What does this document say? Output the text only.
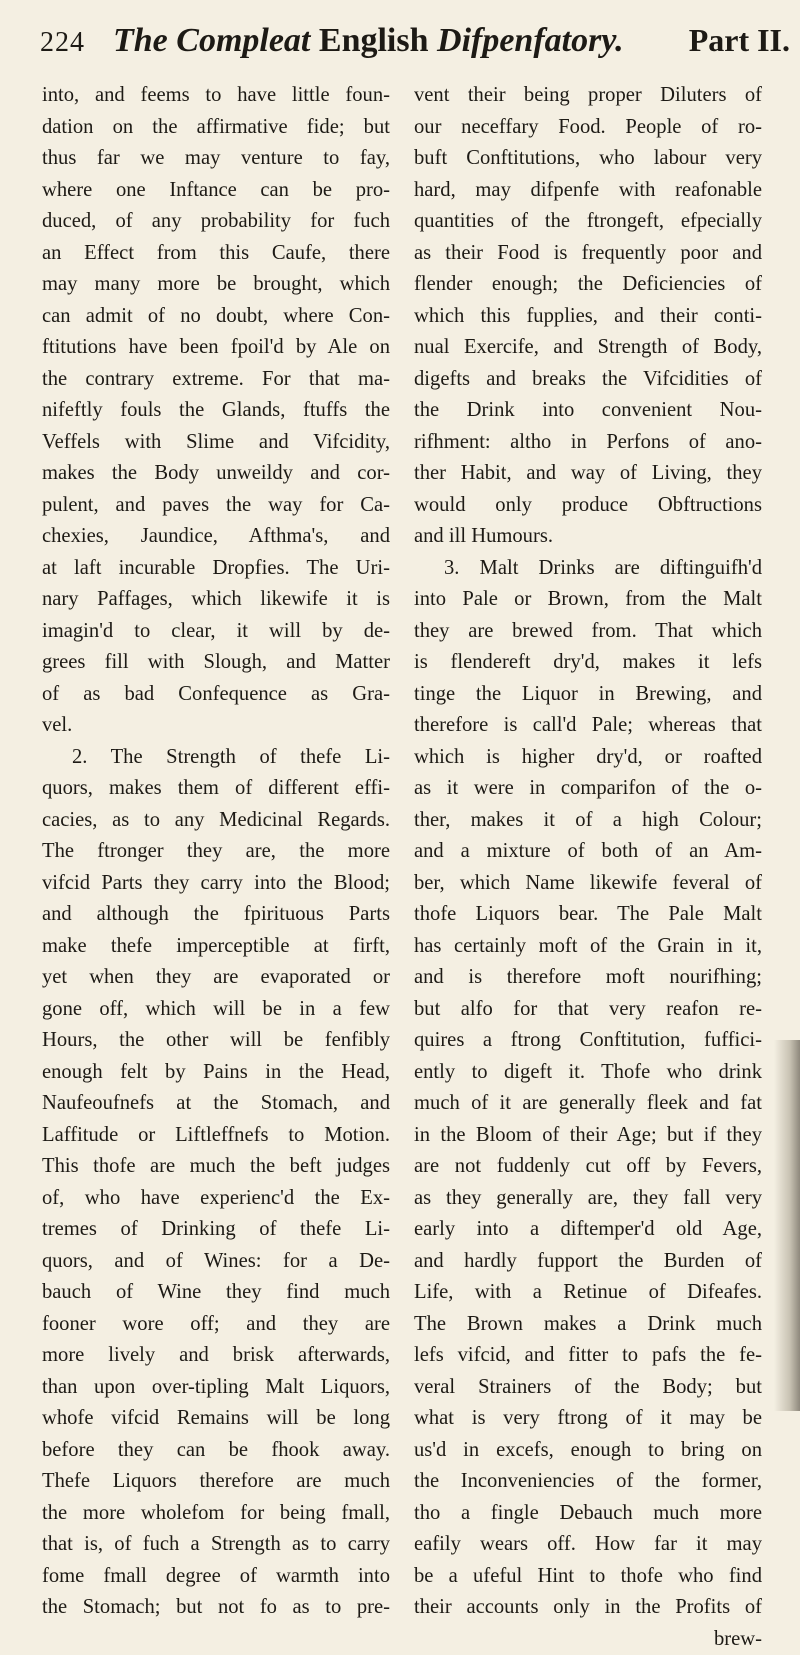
224 The Compleat English Difpenfatory. Part II.

into, and feems to have little foun-

dation on the affirmative fide; but

thus far we may venture to fay,

where one Inftance can be pro-

duced, of any probability for fuch

an Effect from this Caufe, there

may many more be brought, which

can admit of no doubt, where Con-

ftitutions have been fpoil'd by Ale on

the contrary extreme. For that ma-

nifeftly fouls the Glands, ftuffs the

Veffels with Slime and Vifcidity,

makes the Body unweildy and cor-

pulent, and paves the way for Ca-

chexies, Jaundice, Afthma's, and

at laft incurable Dropfies. The Uri-

nary Paffages, which likewife it is

imagin'd to clear, it will by de-

grees fill with Slough, and Matter

of as bad Confequence as Gra-

vel.

2. The Strength of thefe Li-

quors, makes them of different effi-

cacies, as to any Medicinal Regards.

The ftronger they are, the more

vifcid Parts they carry into the Blood;

and although the fpirituous Parts

make thefe imperceptible at firft,

yet when they are evaporated or

gone off, which will be in a few

Hours, the other will be fenfibly

enough felt by Pains in the Head,

Naufeoufnefs at the Stomach, and

Laffitude or Liftleffnefs to Motion.

This thofe are much the beft judges

of, who have experienc'd the Ex-

tremes of Drinking of thefe Li-

quors, and of Wines: for a De-

bauch of Wine they find much

fooner wore off; and they are

more lively and brisk afterwards,

than upon over-tipling Malt Liquors,

whofe vifcid Remains will be long

before they can be fhook away.

Thefe Liquors therefore are much

the more wholefom for being fmall,

that is, of fuch a Strength as to carry

fome fmall degree of warmth into

the Stomach; but not fo as to pre-

vent their being proper Diluters of

our neceffary Food. People of ro-

buft Conftitutions, who labour very

hard, may difpenfe with reafonable

quantities of the ftrongeft, efpecially

as their Food is frequently poor and

flender enough; the Deficiencies of

which this fupplies, and their conti-

nual Exercife, and Strength of Body,

digefts and breaks the Vifcidities of

the Drink into convenient Nou-

rifhment: altho in Perfons of ano-

ther Habit, and way of Living, they

would only produce Obftructions

and ill Humours.

3. Malt Drinks are diftinguifh'd

into Pale or Brown, from the Malt

they are brewed from. That which

is flendereft dry'd, makes it lefs

tinge the Liquor in Brewing, and

therefore is call'd Pale; whereas that

which is higher dry'd, or roafted

as it were in comparifon of the o-

ther, makes it of a high Colour;

and a mixture of both of an Am-

ber, which Name likewife feveral of

thofe Liquors bear. The Pale Malt

has certainly moft of the Grain in it,

and is therefore moft nourifhing;

but alfo for that very reafon re-

quires a ftrong Conftitution, fuffici-

ently to digeft it. Thofe who drink

much of it are generally fleek and fat

in the Bloom of their Age; but if they

are not fuddenly cut off by Fevers,

as they generally are, they fall very

early into a diftemper'd old Age,

and hardly fupport the Burden of

Life, with a Retinue of Difeafes.

The Brown makes a Drink much

lefs vifcid, and fitter to pafs the fe-

veral Strainers of the Body; but

what is very ftrong of it may be

us'd in excefs, enough to bring on

the Inconveniencies of the former,

tho a fingle Debauch much more

eafily wears off. How far it may

be a ufeful Hint to thofe who find

their accounts only in the Profits of

brew-
